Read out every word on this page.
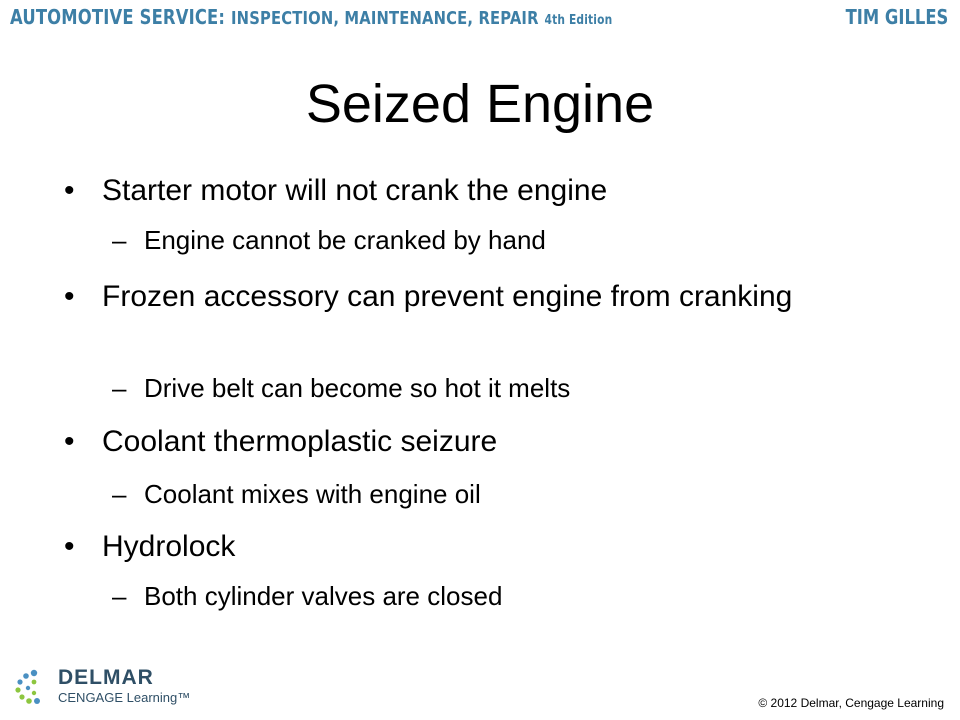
AUTOMOTIVE SERVICE: INSPECTION, MAINTENANCE, REPAIR 4th Edition	TIM GILLES
Seized Engine
• Starter motor will not crank the engine
– Engine cannot be cranked by hand
• Frozen accessory can prevent engine from cranking
– Drive belt can become so hot it melts
• Coolant thermoplastic seizure
– Coolant mixes with engine oil
• Hydrolock
– Both cylinder valves are closed
DELMAR
CENGAGE Learning™	© 2012 Delmar, Cengage Learning
